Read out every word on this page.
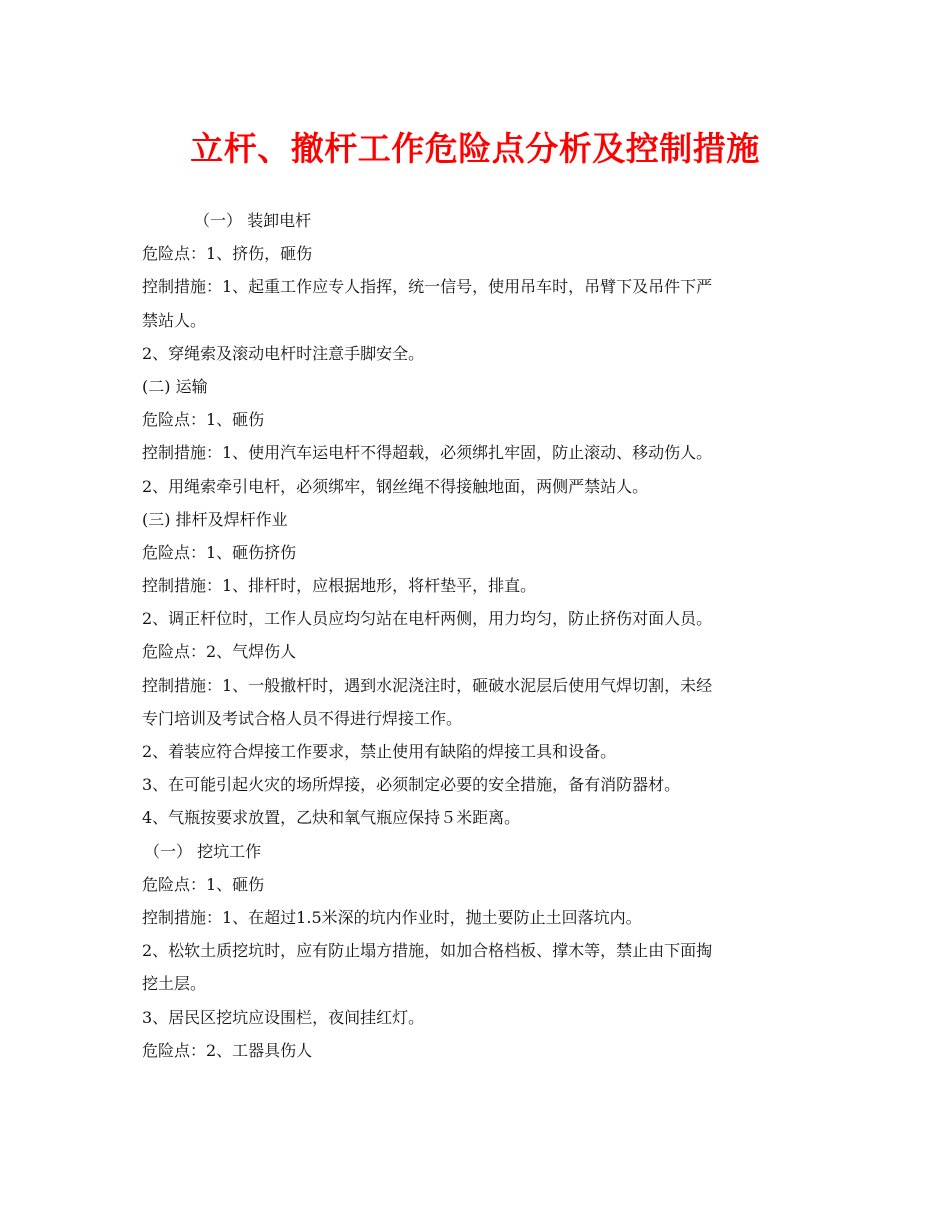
立杆、撤杆工作危险点分析及控制措施
（一） 装卸电杆
危险点：1、挤伤，砸伤
控制措施：1、起重工作应专人指挥，统一信号，使用吊车时，吊臂下及吊件下严
禁站人。
2、穿绳索及滚动电杆时注意手脚安全。
(二) 运输
危险点：1、砸伤
控制措施：1、使用汽车运电杆不得超载，必须绑扎牢固，防止滚动、移动伤人。
2、用绳索牵引电杆，必须绑牢，钢丝绳不得接触地面，两侧严禁站人。
(三) 排杆及焊杆作业
危险点：1、砸伤挤伤
控制措施：1、排杆时，应根据地形，将杆垫平，排直。
2、调正杆位时，工作人员应均匀站在电杆两侧，用力均匀，防止挤伤对面人员。
危险点：2、气焊伤人
控制措施：1、一般撤杆时，遇到水泥浇注时，砸破水泥层后使用气焊切割，未经
专门培训及考试合格人员不得进行焊接工作。
2、着装应符合焊接工作要求，禁止使用有缺陷的焊接工具和设备。
3、在可能引起火灾的场所焊接，必须制定必要的安全措施，备有消防器材。
4、气瓶按要求放置，乙炔和氧气瓶应保持５米距离。
（一） 挖坑工作
危险点：1、砸伤
控制措施：1、在超过1.5米深的坑内作业时，抛土要防止土回落坑内。
2、松软土质挖坑时，应有防止塌方措施，如加合格档板、撑木等，禁止由下面掏
挖土层。
3、居民区挖坑应设围栏，夜间挂红灯。
危险点：2、工器具伤人
